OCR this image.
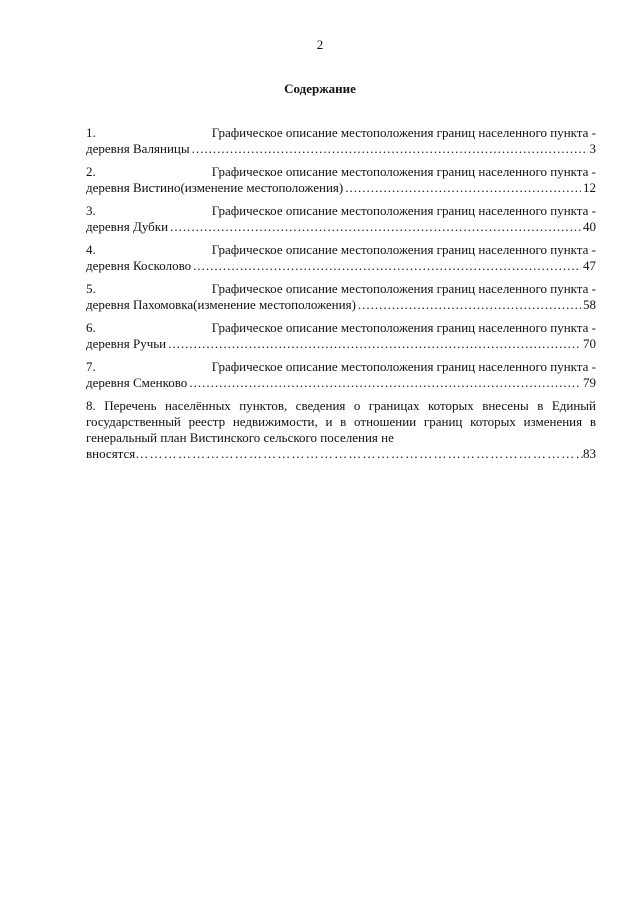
2
Содержание
1.	Графическое описание местоположения границ населенного пункта -
деревня Валяницы .....	3
2.	Графическое описание местоположения границ населенного пункта -
деревня Вистино(изменение местоположения) .....	12
3.	Графическое описание местоположения границ населенного пункта -
деревня Дубки .....	40
4.	Графическое описание местоположения границ населенного пункта -
деревня Косколово .....	47
5.	Графическое описание местоположения границ населенного пункта -
деревня Пахомовка(изменение местоположения) .....	58
6.	Графическое описание местоположения границ населенного пункта -
деревня Ручьи .....	70
7.	Графическое описание местоположения границ населенного пункта -
деревня Сменково .....	79
8. Перечень населённых пунктов, сведения о границах которых внесены в Единый государственный реестр недвижимости, и в отношении границ которых изменения в генеральный план Вистинского сельского поселения не
вносятся ………………………………………………………………………………………………………………………	83
